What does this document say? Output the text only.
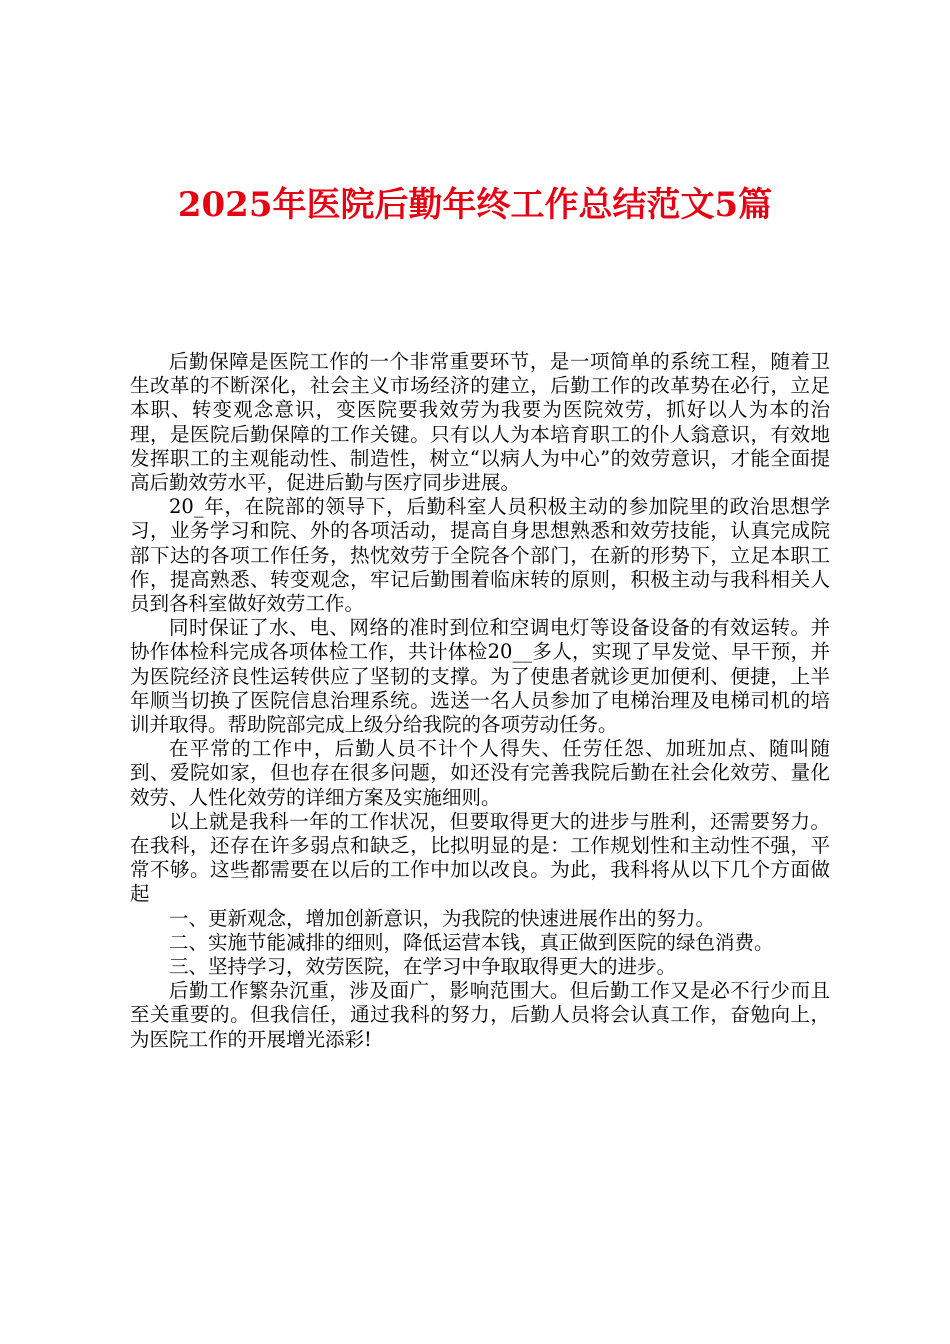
2025年医院后勤年终工作总结范文5篇

后勤保障是医院工作的一个非常重要环节，是一项简单的系统工程，随着卫生改革的不断深化，社会主义市场经济的建立，后勤工作的改革势在必行，立足本职、转变观念意识，变医院要我效劳为我要为医院效劳，抓好以人为本的治理，是医院后勤保障的工作关键。只有以人为本培育职工的仆人翁意识，有效地发挥职工的主观能动性、制造性，树立“以病人为中心”的效劳意识，才能全面提高后勤效劳水平，促进后勤与医疗同步进展。

20_年，在院部的领导下，后勤科室人员积极主动的参加院里的政治思想学习，业务学习和院、外的各项活动，提高自身思想熟悉和效劳技能，认真完成院部下达的各项工作任务，热忱效劳于全院各个部门，在新的形势下，立足本职工作，提高熟悉、转变观念，牢记后勤围着临床转的原则，积极主动与我科相关人员到各科室做好效劳工作。

同时保证了水、电、网络的准时到位和空调电灯等设备设备的有效运转。并协作体检科完成各项体检工作，共计体检20__多人，实现了早发觉、早干预，并为医院经济良性运转供应了坚韧的支撑。为了使患者就诊更加便利、便捷，上半年顺当切换了医院信息治理系统。选送一名人员参加了电梯治理及电梯司机的培训并取得。帮助院部完成上级分给我院的各项劳动任务。

在平常的工作中，后勤人员不计个人得失、任劳任怨、加班加点、随叫随到、爱院如家，但也存在很多问题，如还没有完善我院后勤在社会化效劳、量化效劳、人性化效劳的详细方案及实施细则。

以上就是我科一年的工作状况，但要取得更大的进步与胜利，还需要努力。在我科，还存在许多弱点和缺乏，比拟明显的是：工作规划性和主动性不强，平常不够。这些都需要在以后的工作中加以改良。为此，我科将从以下几个方面做起

一、更新观念，增加创新意识，为我院的快速进展作出的努力。

二、实施节能减排的细则，降低运营本钱，真正做到医院的绿色消费。

三、坚持学习，效劳医院，在学习中争取取得更大的进步。

后勤工作繁杂沉重，涉及面广，影响范围大。但后勤工作又是必不行少而且至关重要的。但我信任，通过我科的努力，后勤人员将会认真工作，奋勉向上，为医院工作的开展增光添彩!
